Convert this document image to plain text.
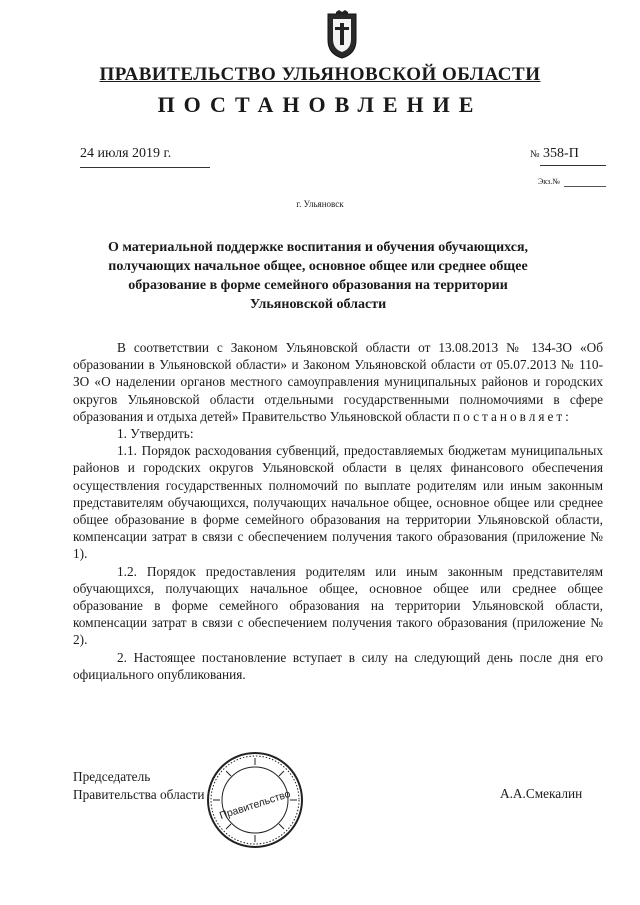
ПРАВИТЕЛЬСТВО УЛЬЯНОВСКОЙ ОБЛАСТИ
ПОСТАНОВЛЕНИЕ
24 июля 2019 г.	№ 358-П
Экз.№
г. Ульяновск
О материальной поддержке воспитания и обучения обучающихся, получающих начальное общее, основное общее или среднее общее образование в форме семейного образования на территории Ульяновской области

В соответствии с Законом Ульяновской области от 13.08.2013 № 134-ЗО «Об образовании в Ульяновской области» и Законом Ульяновской области от 05.07.2013 № 110-ЗО «О наделении органов местного самоуправления муниципальных районов и городских округов Ульяновской области отдельными государственными полномочиями в сфере образования и отдыха детей» Правительство Ульяновской области постановляет:

1. Утвердить:

1.1. Порядок расходования субвенций, предоставляемых бюджетам муниципальных районов и городских округов Ульяновской области в целях финансового обеспечения осуществления государственных полномочий по выплате родителям или иным законным представителям обучающихся, получающих начальное общее, основное общее или среднее общее образование в форме семейного образования на территории Ульяновской области, компенсации затрат в связи с обеспечением получения такого образования (приложение № 1).

1.2. Порядок предоставления родителям или иным законным представителям обучающихся, получающих начальное общее, основное общее или среднее общее образование в форме семейного образования на территории Ульяновской области, компенсации затрат в связи с обеспечением получения такого образования (приложение № 2).

2. Настоящее постановление вступает в силу на следующий день после дня его официального опубликования.

Председатель
Правительства области	А.А.Смекалин
Правительство
